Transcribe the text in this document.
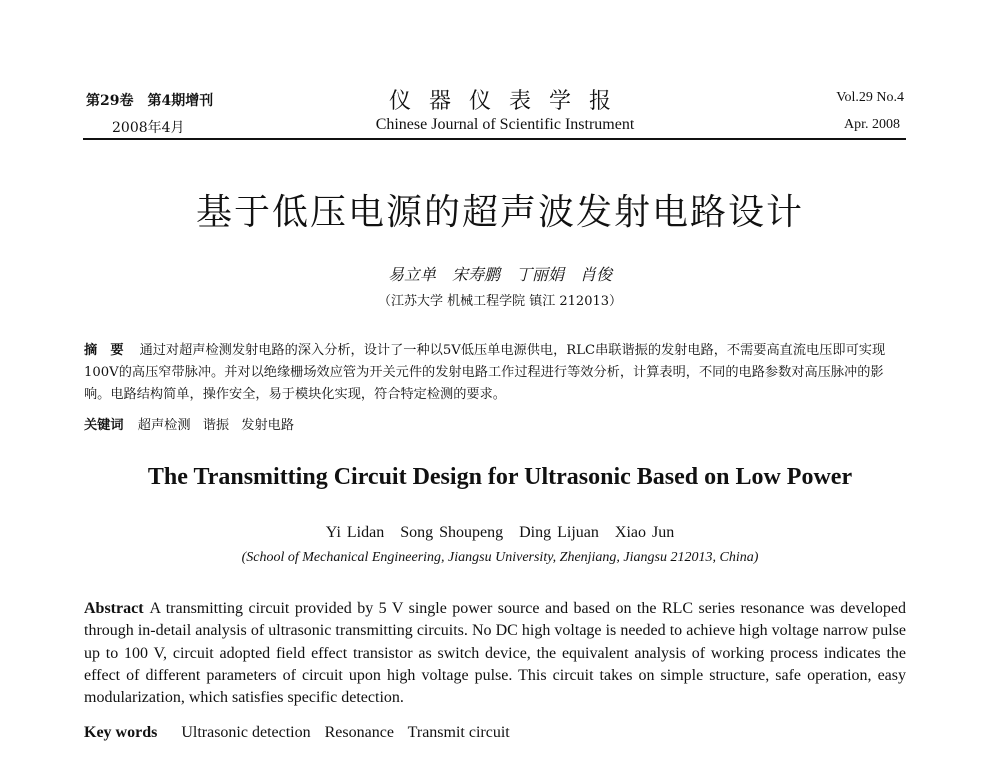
第29卷　第4期增刊
2008年4月
仪器仪表学报
Chinese Journal of Scientific Instrument
Vol.29 No.4
Apr. 2008
基于低压电源的超声波发射电路设计
易立单　宋寿鹏　丁丽娟　肖俊
（江苏大学 机械工程学院 镇江 212013）
摘　要 通过对超声检测发射电路的深入分析，设计了一种以5V低压单电源供电，RLC串联谐振的发射电路，不需要高直流电压即可实现100V的高压窄带脉冲。并对以绝缘栅场效应管为开关元件的发射电路工作过程进行等效分析，计算表明，不同的电路参数对高压脉冲的影响。电路结构简单，操作安全，易于模块化实现，符合特定检测的要求。
关键词 超声检测 谐振 发射电路
The Transmitting Circuit Design for Ultrasonic Based on Low Power
Yi Lidan Song Shoupeng Ding Lijuan Xiao Jun
(School of Mechanical Engineering, Jiangsu University, Zhenjiang, Jiangsu 212013, China)
Abstract A transmitting circuit provided by 5 V single power source and based on the RLC series resonance was developed through in-detail analysis of ultrasonic transmitting circuits. No DC high voltage is needed to achieve high voltage narrow pulse up to 100 V, circuit adopted field effect transistor as switch device, the equivalent analysis of working process indicates the effect of different parameters of circuit upon high voltage pulse. This circuit takes on simple structure, safe operation, easy modularization, which satisfies specific detection.
Key words Ultrasonic detection Resonance Transmit circuit
